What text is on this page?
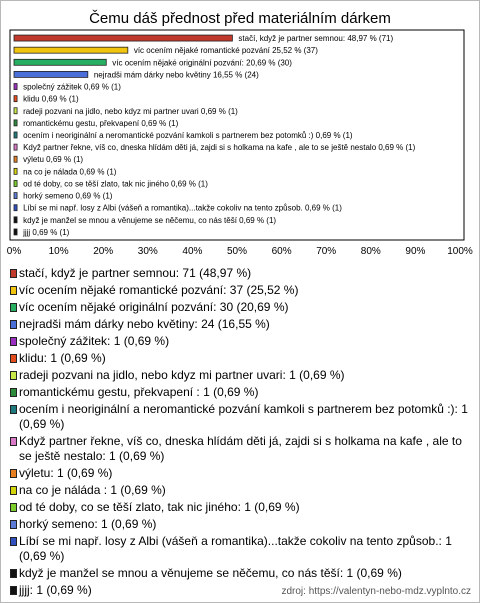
Čemu dáš přednost před materiálním dárkem
stačí, když je partner semnou: 48,97 % (71)
víc ocením nějaké romantické pozvání 25,52 % (37)
víc ocením nějaké originální pozvání: 20,69 % (30)
nejradši mám dárky nebo květiny 16,55 % (24)
společný zážitek 0,69 % (1)
klidu 0,69 % (1)
radeji pozvani na jidlo, nebo kdyz mi partner uvari 0,69 % (1)
romantickému gestu, překvapení 0,69 % (1)
ocením i neoriginální a neromantické pozvání kamkoli s partnerem bez potomků :) 0,69 % (1)
Když partner řekne, víš co, dneska hlídám děti já, zajdi si s holkama na kafe , ale to se ještě nestalo 0,69 % (1)
výletu 0,69 % (1)
na co je nálada 0,69 % (1)
od té doby, co se těší zlato, tak nic jiného 0,69 % (1)
horký semeno 0,69 % (1)
Líbí se mi např. losy z Albi (vášeň a romantika)...takže cokoliv na tento způsob. 0,69 % (1)
když je manžel se mnou a věnujeme se něčemu, co nás těší 0,69 % (1)
jjjj 0,69 % (1)
0%	10% 20% 30% 40% 50% 60% 70% 80% 90% 100%
stačí, když je partner semnou: 71 (48,97 %)
víc ocením nějaké romantické pozvání: 37 (25,52 %)
víc ocením nějaké originální pozvání: 30 (20,69 %)
nejradši mám dárky nebo květiny: 24 (16,55 %)
společný zážitek: 1 (0,69 %)
klidu: 1 (0,69 %)
radeji pozvani na jidlo, nebo kdyz mi partner uvari: 1 (0,69 %)
romantickému gestu, překvapení : 1 (0,69 %)
ocením i neoriginální a neromantické pozvání kamkoli s partnerem bez potomků :): 1 (0,69 %)
Když partner řekne, víš co, dneska hlídám děti já, zajdi si s holkama na kafe , ale to se ještě nestalo: 1 (0,69 %)
výletu: 1 (0,69 %)
na co je náláda : 1 (0,69 %)
od té doby, co se těší zlato, tak nic jiného: 1 (0,69 %)
horký semeno: 1 (0,69 %)
Líbí se mi např. losy z Albi (vášeň a romantika)...takže cokoliv na tento způsob.: 1 (0,69 %)
když je manžel se mnou a věnujeme se něčemu, co nás těší: 1 (0,69 %)
jjjj: 1 (0,69 %)	zdroj: https://valentyn-nebo-mdz.vyplnto.cz
